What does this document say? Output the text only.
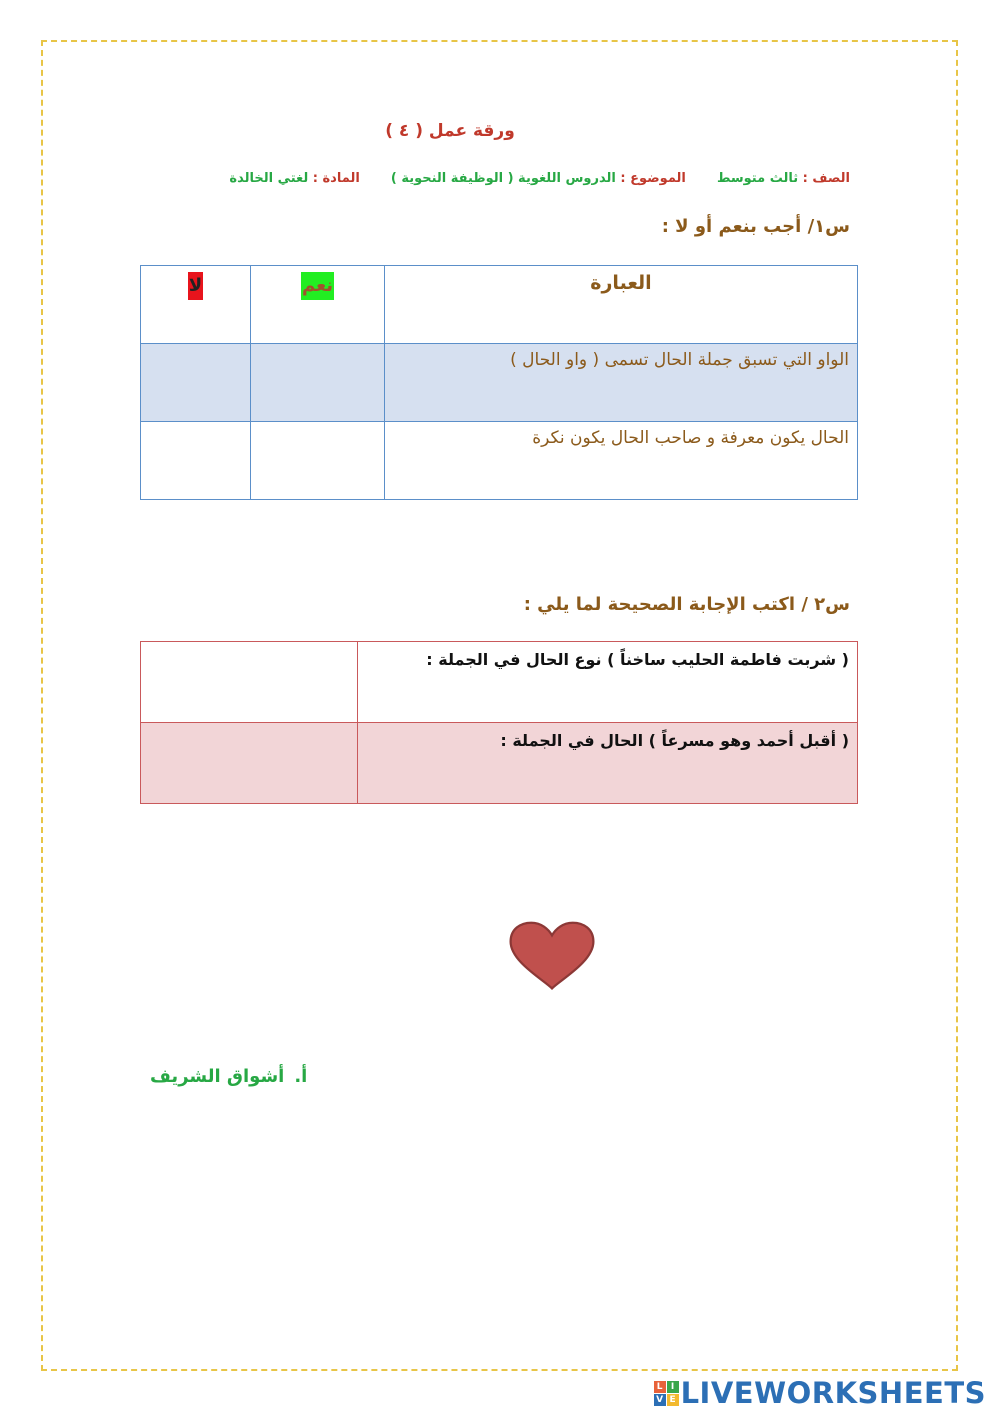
ورقة عمل ( ٤ )
الصف : ثالث متوسط  الموضوع : الدروس اللغوية ( الوظيفة النحوية )  المادة : لغتي الخالدة
س١/ أجب بنعم أو لا :
العبارة	نعم	لا
الواو التي تسبق جملة الحال تسمى ( واو الحال )		
الحال يكون معرفة و صاحب الحال يكون نكرة		
س٢ / اكتب الإجابة الصحيحة لما يلي :
( شربت فاطمة الحليب ساخناً ) نوع الحال في الجملة :	
( أقبل أحمد وهو مسرعاً ) الحال في الجملة :	
أ.أشواق الشريف
L I
V E LIVEWORKSHEETS
